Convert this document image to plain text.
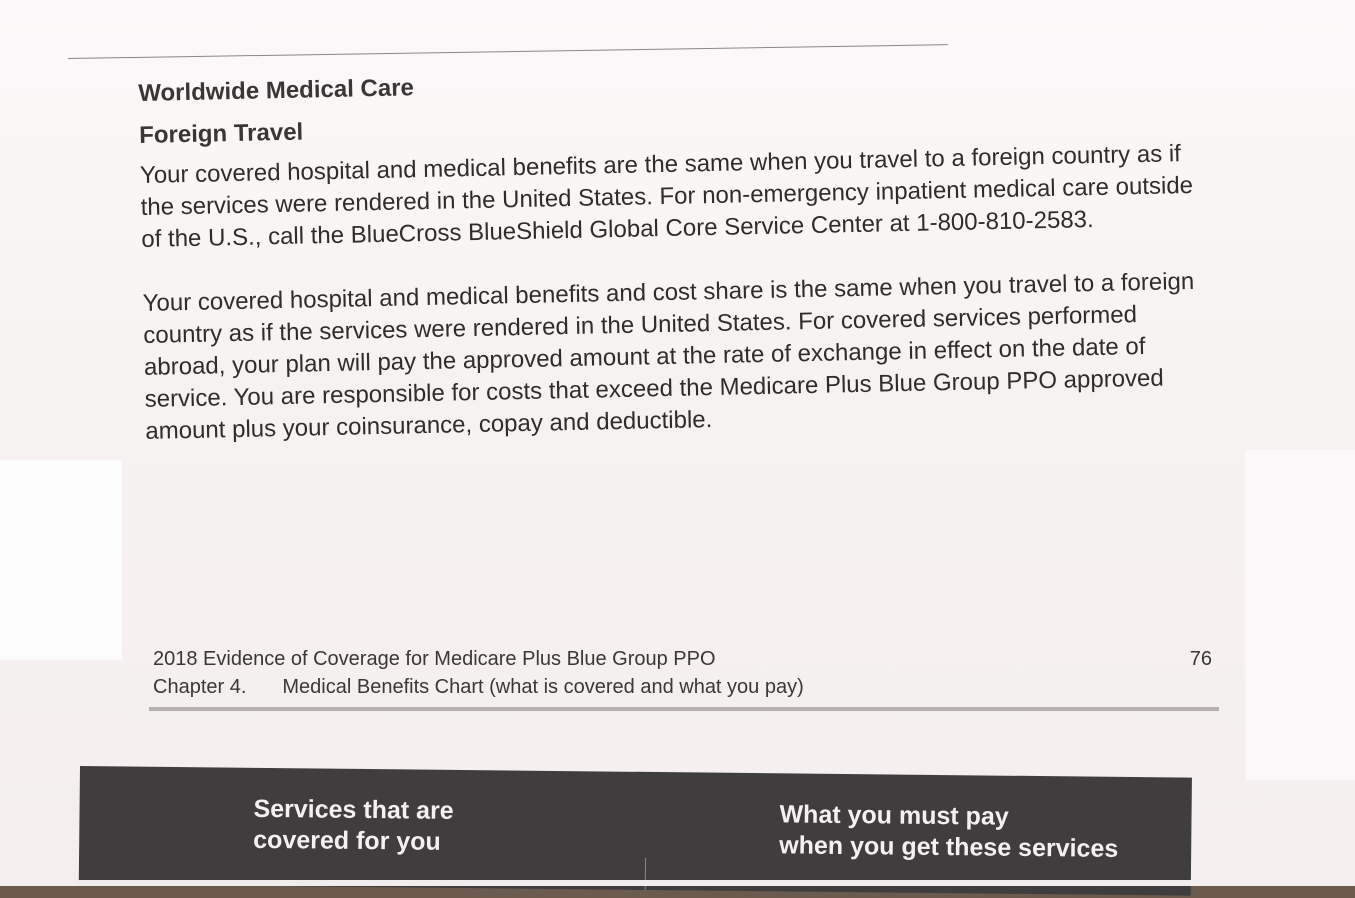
Worldwide Medical Care
Foreign Travel

Your covered hospital and medical benefits are the same when you travel to a foreign country as if the services were rendered in the United States. For non-emergency inpatient medical care outside of the U.S., call the BlueCross BlueShield Global Core Service Center at 1-800-810-2583.

Your covered hospital and medical benefits and cost share is the same when you travel to a foreign country as if the services were rendered in the United States. For covered services performed abroad, your plan will pay the approved amount at the rate of exchange in effect on the date of service. You are responsible for costs that exceed the Medicare Plus Blue Group PPO approved amount plus your coinsurance, copay and deductible.

2018 Evidence of Coverage for Medicare Plus Blue Group PPO	76
Chapter 4. Medical Benefits Chart (what is covered and what you pay)
Services that are
covered for you
What you must pay
when you get these services
